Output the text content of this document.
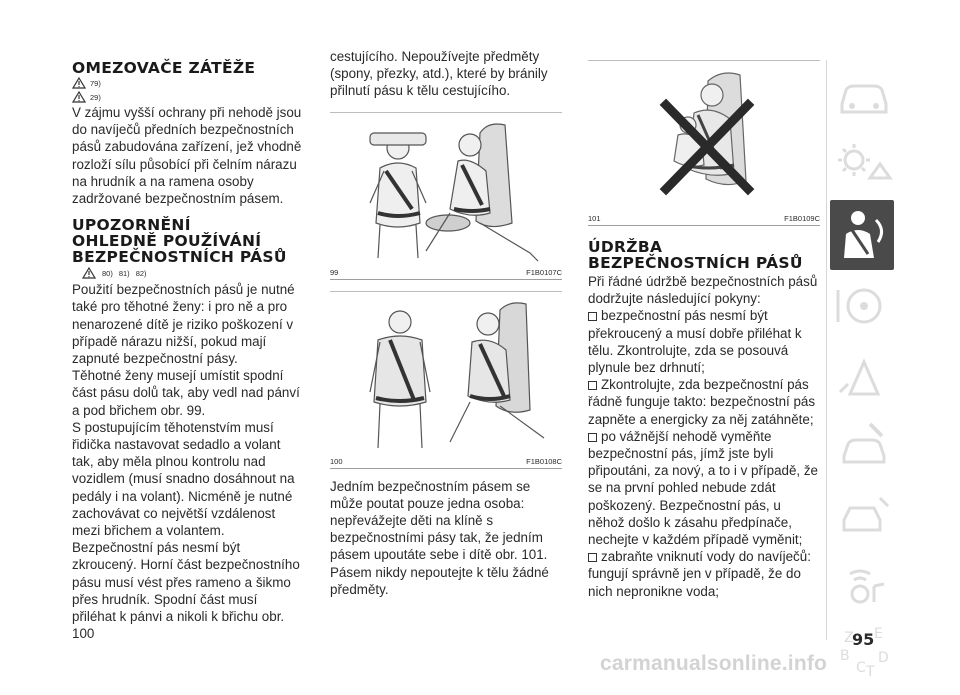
OMEZOVAČE ZÁTĚŽE
79)
29)

V zájmu vyšší ochrany při nehodě jsou do navíječů předních bezpečnostních pásů zabudována zařízení, jež vhodně rozloží sílu působící při čelním nárazu na hrudník a na ramena osoby zadržované bezpečnostním pásem.

UPOZORNĚNÍ
OHLEDNĚ POUŽÍVÁNÍ
BEZPEČNOSTNÍCH PÁSŮ
80) 81) 82)

Použití bezpečnostních pásů je nutné také pro těhotné ženy: i pro ně a pro nenarozené dítě je riziko poškození v případě nárazu nižší, pokud mají zapnuté bezpečnostní pásy.

Těhotné ženy musejí umístit spodní část pásu dolů tak, aby vedl nad pánví a pod břichem obr. 99.

S postupujícím těhotenstvím musí řidička nastavovat sedadlo a volant tak, aby měla plnou kontrolu nad vozidlem (musí snadno dosáhnout na pedály i na volant). Nicméně je nutné zachovávat co největší vzdálenost mezi břichem a volantem.

Bezpečnostní pás nesmí být zkroucený. Horní část bezpečnostního pásu musí vést přes rameno a šikmo přes hrudník. Spodní část musí přiléhat k pánvi a nikoli k břichu obr. 100

cestujícího. Nepoužívejte předměty (spony, přezky, atd.), které by bránily přilnutí pásu k tělu cestujícího.

99	F1B0107C
100	F1B0108C

Jedním bezpečnostním pásem se může poutat pouze jedna osoba: nepřevážejte děti na klíně s bezpečnostními pásy tak, že jedním pásem upoutáte sebe i dítě obr. 101.

Pásem nikdy nepoutejte k tělu žádné předměty.

101	F1B0109C
ÚDRŽBA
BEZPEČNOSTNÍCH PÁSŮ

Při řádné údržbě bezpečnostních pásů dodržujte následující pokyny:

bezpečnostní pás nesmí být překroucený a musí dobře přiléhat k tělu. Zkontrolujte, zda se posouvá plynule bez drhnutí;

Zkontrolujte, zda bezpečnostní pás řádně funguje takto: bezpečnostní pás zapněte a energicky za něj zatáhněte;

po vážnější nehodě vyměňte bezpečnostní pás, jímž jste byli připoutáni, za nový, a to i v případě, že se na první pohled nebude zdát poškozený. Bezpečnostní pás, u něhož došlo k zásahu předpínače, nechejte v každém případě vyměnit;

zabraňte vniknutí vody do navíječů: fungují správně jen v případě, že do nich nepronikne voda;

Z E
B
C T
D
95
carmanualsonline.info
